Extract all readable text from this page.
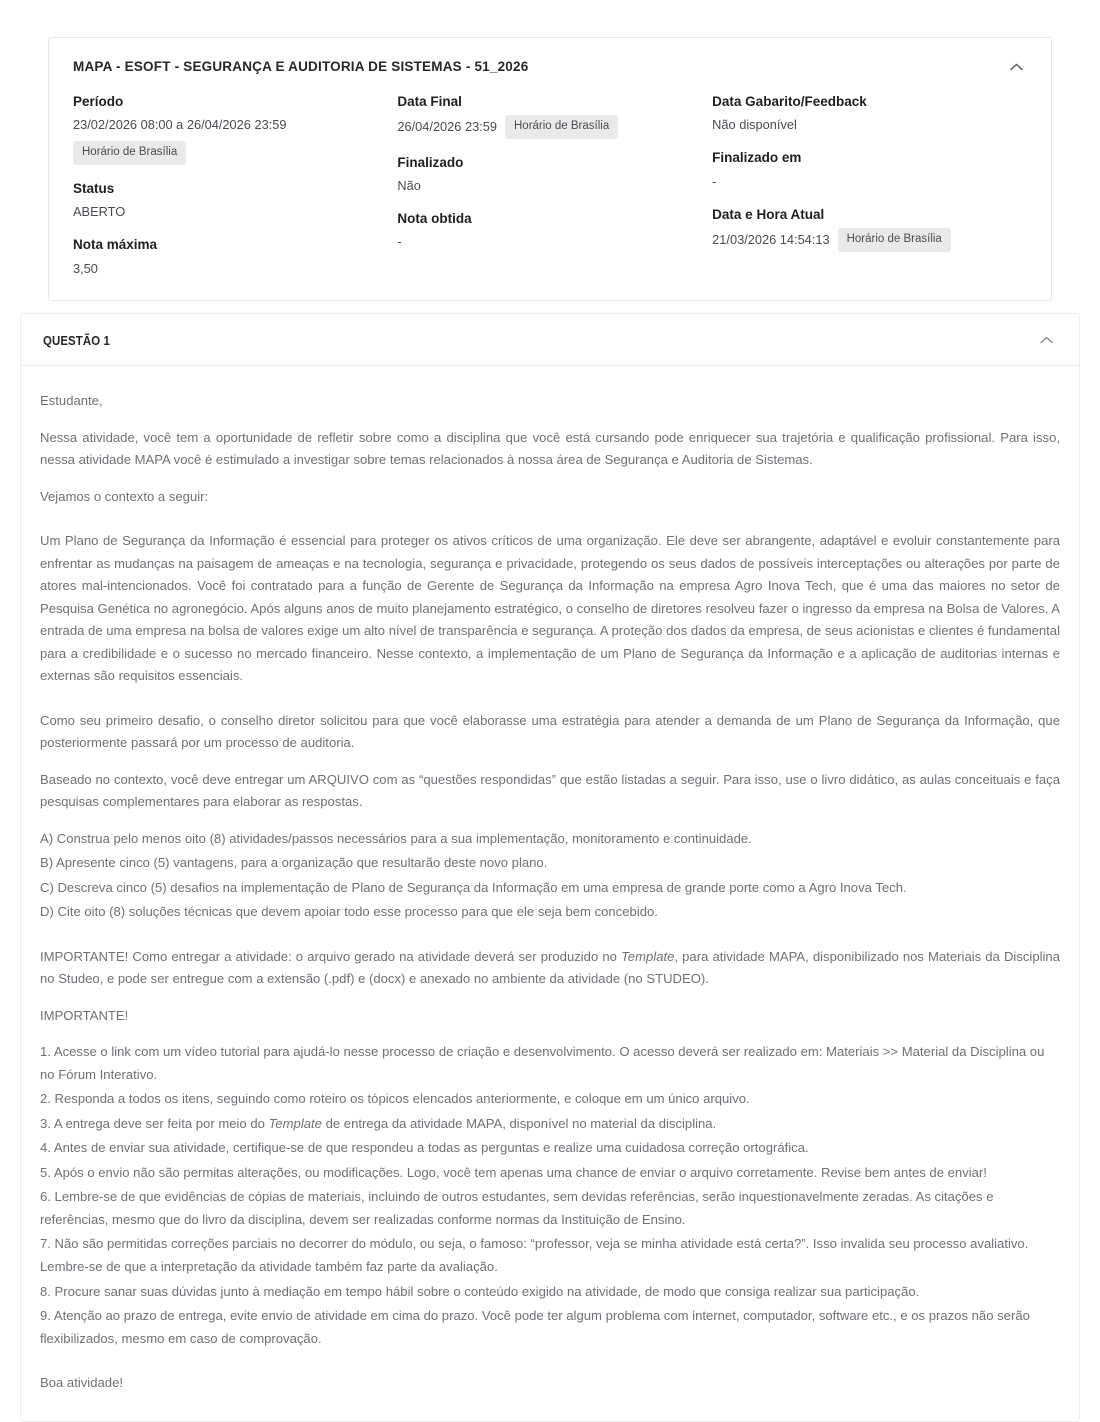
MAPA - ESOFT - SEGURANÇA E AUDITORIA DE SISTEMAS - 51_2026
Período
23/02/2026 08:00 a 26/04/2026 23:59
Horário de Brasília
Status
ABERTO
Nota máxima
3,50
Data Final
26/04/2026 23:59	Horário de Brasília
Finalizado
Não
Nota obtida
-
Data Gabarito/Feedback
Não disponível
Finalizado em
-
Data e Hora Atual
21/03/2026 14:54:13	Horário de Brasília
QUESTÃO 1

Estudante,

Nessa atividade, você tem a oportunidade de refletir sobre como a disciplina que você está cursando pode enriquecer sua trajetória e qualificação profissional. Para isso, nessa atividade MAPA você é estimulado a investigar sobre temas relacionados à nossa área de Segurança e Auditoria de Sistemas.

Vejamos o contexto a seguir:

Um Plano de Segurança da Informação é essencial para proteger os ativos críticos de uma organização. Ele deve ser abrangente, adaptável e evoluir constantemente para enfrentar as mudanças na paisagem de ameaças e na tecnologia, segurança e privacidade, protegendo os seus dados de possíveis interceptações ou alterações por parte de atores mal-intencionados. Você foi contratado para a função de Gerente de Segurança da Informação na empresa Agro Inova Tech, que é uma das maiores no setor de Pesquisa Genética no agronegócio. Após alguns anos de muito planejamento estratégico, o conselho de diretores resolveu fazer o ingresso da empresa na Bolsa de Valores. A entrada de uma empresa na bolsa de valores exige um alto nível de transparência e segurança. A proteção dos dados da empresa, de seus acionistas e clientes é fundamental para a credibilidade e o sucesso no mercado financeiro. Nesse contexto, a implementação de um Plano de Segurança da Informação e a aplicação de auditorias internas e externas são requisitos essenciais.

Como seu primeiro desafio, o conselho diretor solicitou para que você elaborasse uma estratégia para atender a demanda de um Plano de Segurança da Informação, que posteriormente passará por um processo de auditoria.

Baseado no contexto, você deve entregar um ARQUIVO com as “questões respondidas” que estão listadas a seguir. Para isso, use o livro didático, as aulas conceituais e faça pesquisas complementares para elaborar as respostas.

A) Construa pelo menos oito (8) atividades/passos necessários para a sua implementação, monitoramento e continuidade.

B) Apresente cinco (5) vantagens, para a organização que resultarão deste novo plano.

C) Descreva cinco (5) desafios na implementação de Plano de Segurança da Informação em uma empresa de grande porte como a Agro Inova Tech.

D) Cite oito (8) soluções técnicas que devem apoiar todo esse processo para que ele seja bem concebido.

IMPORTANTE! Como entregar a atividade: o arquivo gerado na atividade deverá ser produzido no Template, para atividade MAPA, disponibilizado nos Materiais da Disciplina no Studeo, e pode ser entregue com a extensão (.pdf) e (docx) e anexado no ambiente da atividade (no STUDEO).

IMPORTANTE!

1. Acesse o link com um vídeo tutorial para ajudá-lo nesse processo de criação e desenvolvimento. O acesso deverá ser realizado em: Materiais >> Material da Disciplina ou no Fórum Interativo.

2. Responda a todos os itens, seguindo como roteiro os tópicos elencados anteriormente, e coloque em um único arquivo.

3. A entrega deve ser feita por meio do Template de entrega da atividade MAPA, disponível no material da disciplina.

4. Antes de enviar sua atividade, certifique-se de que respondeu a todas as perguntas e realize uma cuidadosa correção ortográfica.

5. Após o envio não são permitas alterações, ou modificações. Logo, você tem apenas uma chance de enviar o arquivo corretamente. Revise bem antes de enviar!

6. Lembre-se de que evidências de cópias de materiais, incluindo de outros estudantes, sem devidas referências, serão inquestionavelmente zeradas. As citações e referências, mesmo que do livro da disciplina, devem ser realizadas conforme normas da Instituição de Ensino.

7. Não são permitidas correções parciais no decorrer do módulo, ou seja, o famoso: “professor, veja se minha atividade está certa?”. Isso invalida seu processo avaliativo. Lembre-se de que a interpretação da atividade também faz parte da avaliação.

8. Procure sanar suas dúvidas junto à mediação em tempo hábil sobre o conteúdo exigido na atividade, de modo que consiga realizar sua participação.

9. Atenção ao prazo de entrega, evite envio de atividade em cima do prazo. Você pode ter algum problema com internet, computador, software etc., e os prazos não serão flexibilizados, mesmo em caso de comprovação.

Boa atividade!
